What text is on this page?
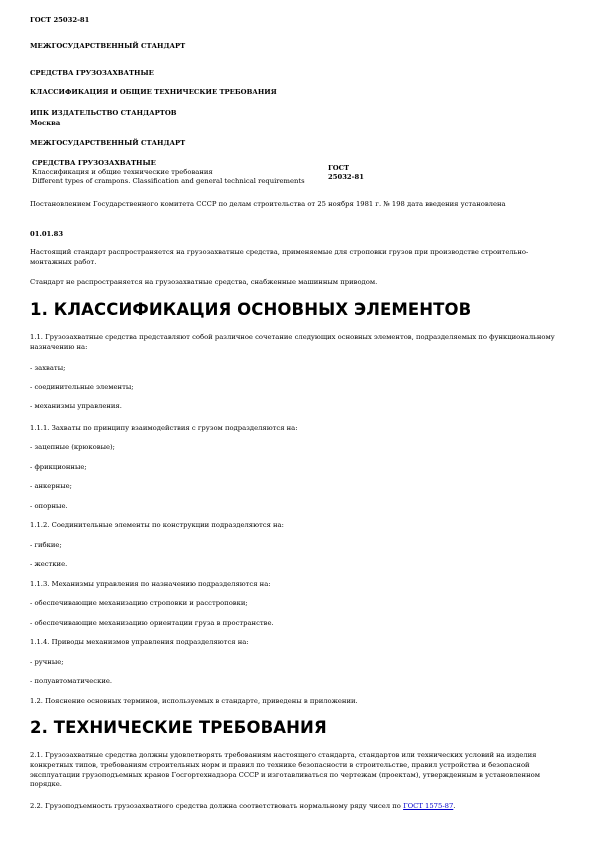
ГОСТ 25032-81
МЕЖГОСУДАРСТВЕННЫЙ СТАНДАРТ
СРЕДСТВА ГРУЗОЗАХВАТНЫЕ
КЛАССИФИКАЦИЯ И ОБЩИЕ ТЕХНИЧЕСКИЕ ТРЕБОВАНИЯ
ИПК ИЗДАТЕЛЬСТВО СТАНДАРТОВ
Москва
МЕЖГОСУДАРСТВЕННЫЙ СТАНДАРТ
СРЕДСТВА ГРУЗОЗАХВАТНЫЕ
Классификация и общие технические требования
Different types of crampons. Classification and general technical requirements
ГОСТ
25032-81
Постановлением Государственного комитета СССР по делам строительства от 25 ноября 1981 г. № 198 дата введения установлена
01.01.83
Настоящий стандарт распространяется на грузозахватные средства, применяемые для строповки грузов при производстве строительно-монтажных работ.
Стандарт не распространяется на грузозахватные средства, снабженные машинным приводом.
1. КЛАССИФИКАЦИЯ ОСНОВНЫХ ЭЛЕМЕНТОВ
1.1. Грузозахватные средства представляют собой различное сочетание следующих основных элементов, подразделяемых по функциональному назначению на:
- захваты;
- соединительные элементы;
- механизмы управления.
1.1.1. Захваты по принципу взаимодействия с грузом подразделяются на:
- зацепные (крюковые);
- фрикционные;
- анкерные;
- опорные.
1.1.2. Соединительные элементы по конструкции подразделяются на:
- гибкие;
- жесткие.
1.1.3. Механизмы управления по назначению подразделяются на:
- обеспечивающие механизацию строповки и расстроповки;
- обеспечивающие механизацию ориентации груза в пространстве.
1.1.4. Приводы механизмов управления подразделяются на:
- ручные;
- полуавтоматические.
1.2. Пояснение основных терминов, используемых в стандарте, приведены в приложении.
2. ТЕХНИЧЕСКИЕ ТРЕБОВАНИЯ
2.1. Грузозахватные средства должны удовлетворять требованиям настоящего стандарта, стандартов или технических условий на изделия конкретных типов, требованиям строительных норм и правил по технике безопасности в строительстве, правил устройства и безопасной эксплуатации грузоподъемных кранов Госгортехнадзора СССР и изготавливаться по чертежам (проектам), утвержденным в установленном порядке.
2.2. Грузоподъемность грузозахватного средства должна соответствовать нормальному ряду чисел по ГОСТ 1575-87.
